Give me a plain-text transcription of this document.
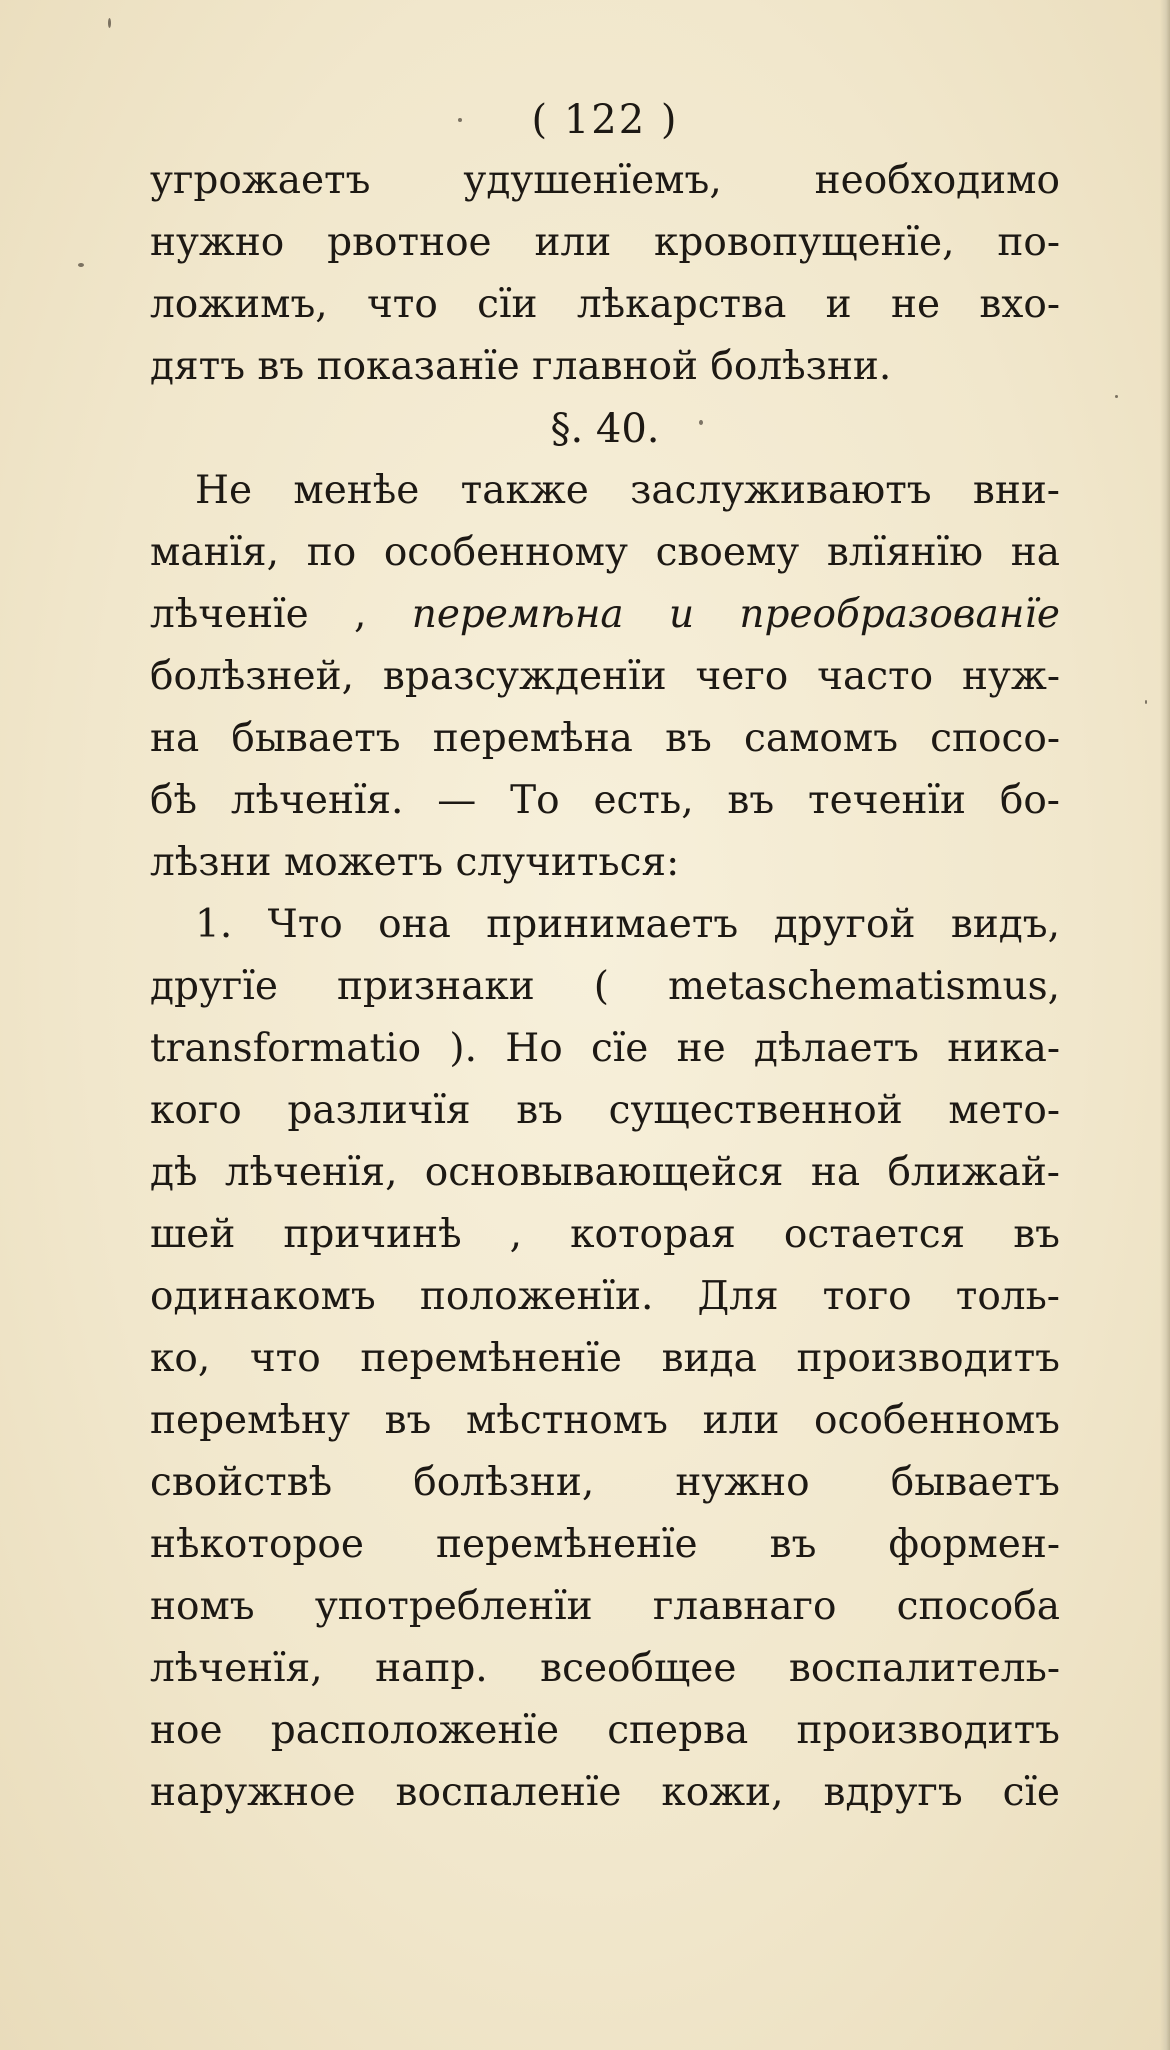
( 122 )
угрожаетъ удушенїемъ, необходимо
нужно рвотное или кровопущенїе, по-
ложимъ, что сїи лѣкарства и не вхо-
дятъ въ показанїе главной болѣзни.
§. 40.
Не менѣе также заслуживаютъ вни-
манїя, по особенному своему влїянїю на
лѣченїе , перемѣна и преобразованїе
болѣзней, вразсужденїи чего часто нуж-
на бываетъ перемѣна въ самомъ спосо-
бѣ лѣченїя. — То есть, въ теченїи бо-
лѣзни можетъ случиться:
1. Что она принимаетъ другой видъ,
другїе признаки ( metaschematismus,
transformatio ). Но сїе не дѣлаетъ ника-
кого различїя въ существенной мето-
дѣ лѣченїя, основывающейся на ближай-
шей причинѣ , которая остается въ
одинакомъ положенїи. Для того толь-
ко, что перемѣненїе вида производитъ
перемѣну въ мѣстномъ или особенномъ
свойствѣ болѣзни, нужно бываетъ
нѣкоторое перемѣненїе въ формен-
номъ употребленїи главнаго способа
лѣченїя, напр. всеобщее воспалитель-
ное расположенїе сперва производитъ
наружное воспаленїе кожи, вдругъ сїе
